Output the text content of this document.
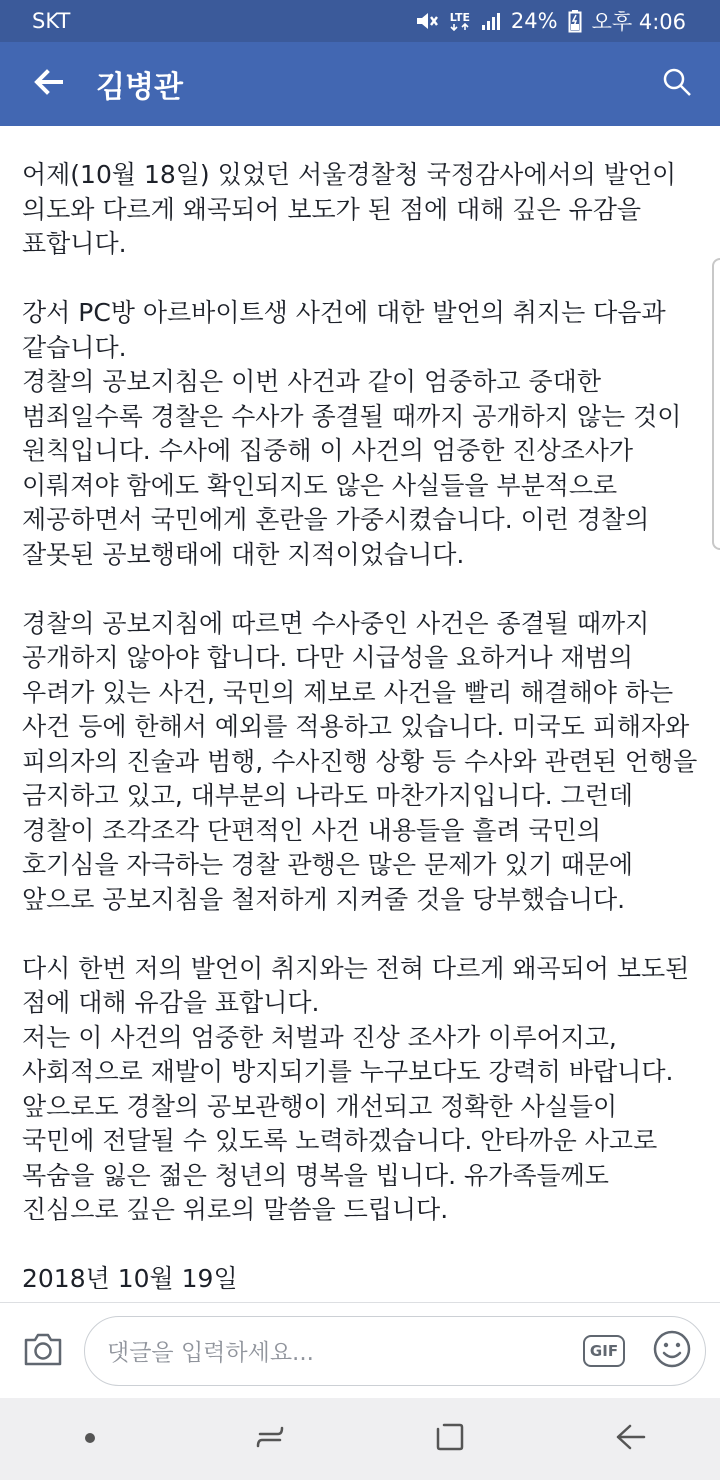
SKT	LTE 24% 오후 4:06
김병관
어제(10월 18일) 있었던 서울경찰청 국정감사에서의 발언이
의도와 다르게 왜곡되어 보도가 된 점에 대해 깊은 유감을
표합니다.
강서 PC방 아르바이트생 사건에 대한 발언의 취지는 다음과
같습니다.
경찰의 공보지침은 이번 사건과 같이 엄중하고 중대한
범죄일수록 경찰은 수사가 종결될 때까지 공개하지 않는 것이
원칙입니다. 수사에 집중해 이 사건의 엄중한 진상조사가
이뤄져야 함에도 확인되지도 않은 사실들을 부분적으로
제공하면서 국민에게 혼란을 가중시켰습니다. 이런 경찰의
잘못된 공보행태에 대한 지적이었습니다.
경찰의 공보지침에 따르면 수사중인 사건은 종결될 때까지
공개하지 않아야 합니다. 다만 시급성을 요하거나 재범의
우려가 있는 사건, 국민의 제보로 사건을 빨리 해결해야 하는
사건 등에 한해서 예외를 적용하고 있습니다. 미국도 피해자와
피의자의 진술과 범행, 수사진행 상황 등 수사와 관련된 언행을
금지하고 있고, 대부분의 나라도 마찬가지입니다. 그런데
경찰이 조각조각 단편적인 사건 내용들을 흘려 국민의
호기심을 자극하는 경찰 관행은 많은 문제가 있기 때문에
앞으로 공보지침을 철저하게 지켜줄 것을 당부했습니다.
다시 한번 저의 발언이 취지와는 전혀 다르게 왜곡되어 보도된
점에 대해 유감을 표합니다.
저는 이 사건의 엄중한 처벌과 진상 조사가 이루어지고,
사회적으로 재발이 방지되기를 누구보다도 강력히 바랍니다.
앞으로도 경찰의 공보관행이 개선되고 정확한 사실들이
국민에 전달될 수 있도록 노력하겠습니다. 안타까운 사고로
목숨을 잃은 젊은 청년의 명복을 빕니다. 유가족들께도
진심으로 깊은 위로의 말씀을 드립니다.
2018년 10월 19일
댓글을 입력하세요...	GIF
